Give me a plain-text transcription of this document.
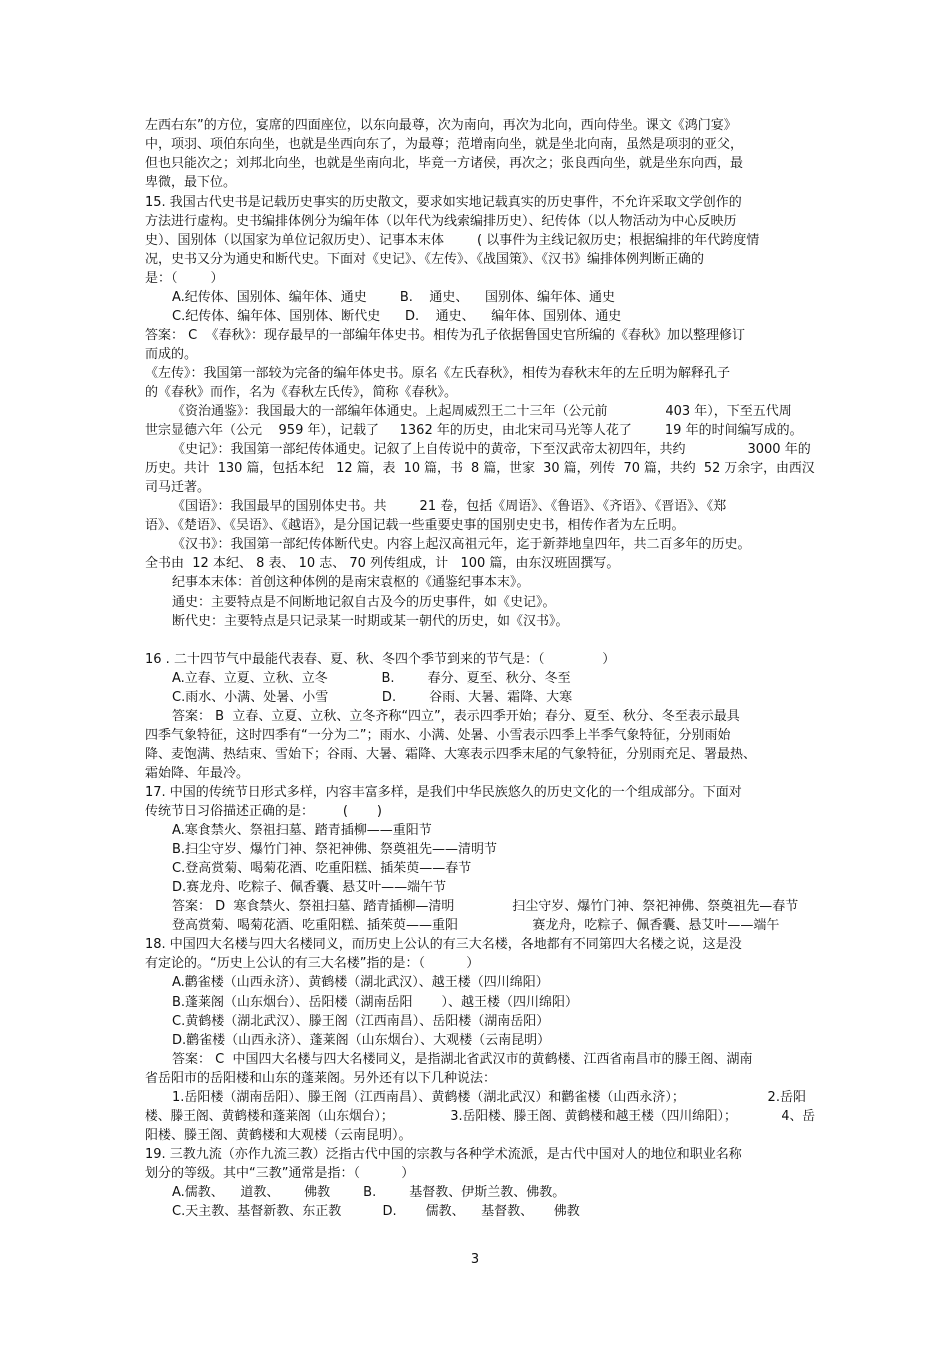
左西右东”的方位，宴席的四面座位，以东向最尊，次为南向，再次为北向，西向侍坐。课文《鸿门宴》
中，项羽、项伯东向坐，也就是坐西向东了，为最尊；范增南向坐，就是坐北向南，虽然是项羽的亚父，
但也只能次之；刘邦北向坐，也就是坐南向北，毕竟一方诸侯，再次之；张良西向坐，就是坐东向西，最
卑微，最下位。
15. 我国古代史书是记载历史事实的历史散文，要求如实地记载真实的历史事件，不允许采取文学创作的
方法进行虚构。史书编排体例分为编年体（以年代为线索编排历史）、纪传体（以人物活动为中心反映历
史）、国别体（以国家为单位记叙历史）、记事本末体        ( 以事件为主线记叙历史；根据编排的年代跨度情
况，史书又分为通史和断代史。下面对《史记》、《左传》、《战国策》、《汉书》编排体例判断正确的
是：（        ）
A.纪传体、国别体、编年体、通史        B.    通史、    国别体、编年体、通史
C.纪传体、编年体、国别体、断代史      D.    通史、    编年体、国别体、通史
答案： C  《春秋》：现存最早的一部编年体史书。相传为孔子依据鲁国史官所编的《春秋》加以整理修订
而成的。
《左传》：我国第一部较为完备的编年体史书。原名《左氏春秋》，相传为春秋末年的左丘明为解释孔子
的《春秋》而作，名为《春秋左氏传》，简称《春秋》。
《资治通鉴》：我国最大的一部编年体通史。上起周威烈王二十三年（公元前              403 年），下至五代周
世宗显德六年（公元    959 年），记载了     1362 年的历史，由北宋司马光等人花了        19 年的时间编写成的。
《史记》：我国第一部纪传体通史。记叙了上自传说中的黄帝，下至汉武帝太初四年，共约               3000 年的
历史。共计  130 篇，包括本纪   12 篇，表  10 篇，书  8 篇，世家  30 篇，列传  70 篇，共约  52 万余字，由西汉
司马迁著。
《国语》：我国最早的国别体史书。共        21 卷，包括《周语》、《鲁语》、《齐语》、《晋语》、《郑
语》、《楚语》、《吴语》、《越语》，是分国记载一些重要史事的国别史史书，相传作者为左丘明。
《汉书》：我国第一部纪传体断代史。内容上起汉高祖元年，迄于新莽地皇四年，共二百多年的历史。
全书由  12 本纪、 8 表、 10 志、 70 列传组成，计   100 篇，由东汉班固撰写。
纪事本末体：首创这种体例的是南宋袁枢的《通鉴纪事本末》。
通史：主要特点是不间断地记叙自古及今的历史事件，如《史记》。
断代史：主要特点是只记录某一时期或某一朝代的历史，如《汉书》。
16 . 二十四节气中最能代表春、夏、秋、冬四个季节到来的节气是：（              ）
A.立春、立夏、立秋、立冬             B.        春分、夏至、秋分、冬至
C.雨水、小满、处暑、小雪             D.        谷雨、大暑、霜降、大寒
答案： B  立春、立夏、立秋、立冬齐称“四立”，表示四季开始；春分、夏至、秋分、冬至表示最具
四季气象特征，这时四季有“一分为二”；雨水、小满、处暑、小雪表示四季上半季气象特征，分别雨始
降、麦饱满、热结束、雪始下；谷雨、大暑、霜降、大寒表示四季末尾的气象特征，分别雨充足、署最热、
霜始降、年最冷。
17. 中国的传统节日形式多样，内容丰富多样，是我们中华民族悠久的历史文化的一个组成部分。下面对
传统节日习俗描述正确的是：       (       )
A.寒食禁火、祭祖扫墓、踏青插柳——重阳节
B.扫尘守岁、爆竹门神、祭祀神佛、祭奠祖先——清明节
C.登高赏菊、喝菊花酒、吃重阳糕、插茱萸——春节
D.赛龙舟、吃粽子、佩香囊、悬艾叶——端午节
答案： D  寒食禁火、祭祖扫墓、踏青插柳—清明              扫尘守岁、爆竹门神、祭祀神佛、祭奠祖先—春节
登高赏菊、喝菊花酒、吃重阳糕、插茱萸——重阳                  赛龙舟，吃粽子、佩香囊、悬艾叶——端午
18. 中国四大名楼与四大名楼同义，而历史上公认的有三大名楼，各地都有不同第四大名楼之说，这是没
有定论的。“历史上公认的有三大名楼”指的是：（          ）
A.鹳雀楼（山西永济）、黄鹤楼（湖北武汉）、越王楼（四川绵阳）
B.蓬莱阁（山东烟台）、岳阳楼（湖南岳阳       ）、越王楼（四川绵阳）
C.黄鹤楼（湖北武汉）、滕王阁（江西南昌）、岳阳楼（湖南岳阳）
D.鹳雀楼（山西永济）、蓬莱阁（山东烟台）、大观楼（云南昆明）
答案： C  中国四大名楼与四大名楼同义，是指湖北省武汉市的黄鹤楼、江西省南昌市的滕王阁、湖南
省岳阳市的岳阳楼和山东的蓬莱阁。另外还有以下几种说法：
1.岳阳楼（湖南岳阳）、滕王阁（江西南昌）、黄鹤楼（湖北武汉）和鹳雀楼（山西永济）；                    2.岳阳
楼、滕王阁、黄鹤楼和蓬莱阁（山东烟台）；              3.岳阳楼、滕王阁、黄鹤楼和越王楼（四川绵阳）；           4、岳
阳楼、滕王阁、黄鹤楼和大观楼（云南昆明）。
19. 三教九流（亦作九流三教）泛指古代中国的宗教与各种学术流派，是古代中国对人的地位和职业名称
划分的等级。其中“三教”通常是指：（          ）
A.儒教、    道教、      佛教        B.        基督教、伊斯兰教、佛教。
C.天主教、基督新教、东正教          D.       儒教、    基督教、     佛教
3
